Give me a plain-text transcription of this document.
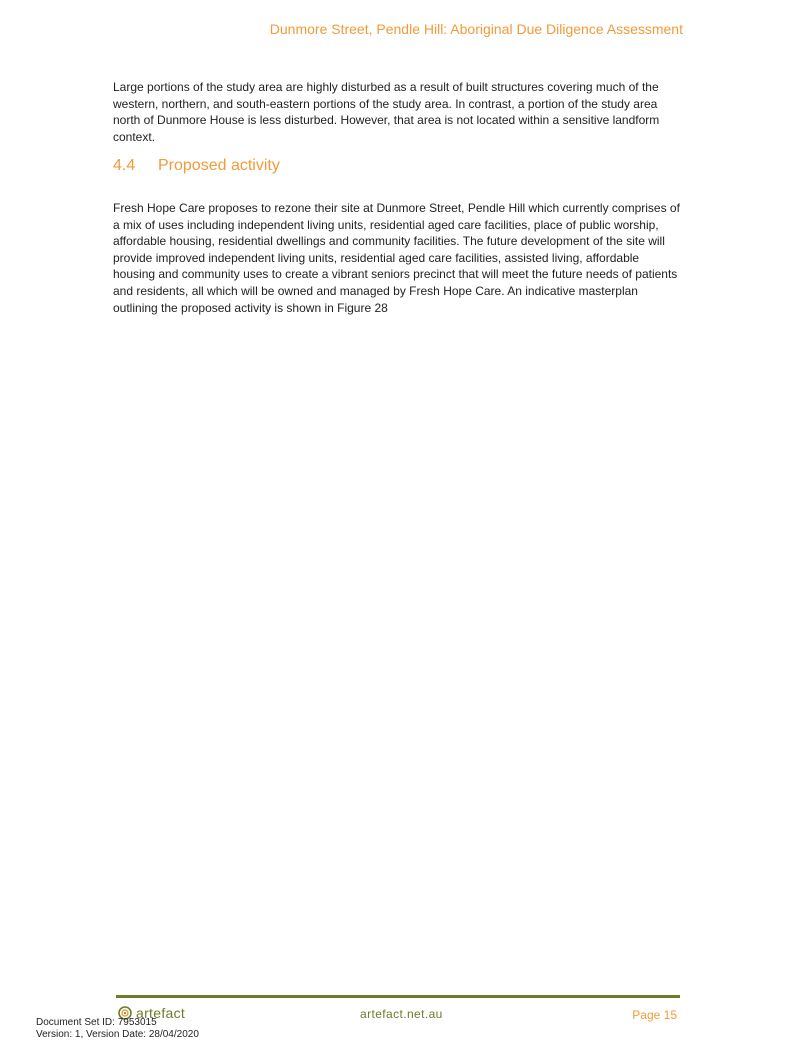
Dunmore Street, Pendle Hill: Aboriginal Due Diligence Assessment

Large portions of the study area are highly disturbed as a result of built structures covering much of the western, northern, and south-eastern portions of the study area. In contrast, a portion of the study area north of Dunmore House is less disturbed. However, that area is not located within a sensitive landform context.

4.4 Proposed activity

Fresh Hope Care proposes to rezone their site at Dunmore Street, Pendle Hill which currently comprises of a mix of uses including independent living units, residential aged care facilities, place of public worship, affordable housing, residential dwellings and community facilities. The future development of the site will provide improved independent living units, residential aged care facilities, assisted living, affordable housing and community uses to create a vibrant seniors precinct that will meet the future needs of patients and residents, all which will be owned and managed by Fresh Hope Care. An indicative masterplan outlining the proposed activity is shown in Figure 28

artefact	artefact.net.au	Page 15
Document Set ID: 7953015
Version: 1, Version Date: 28/04/2020
